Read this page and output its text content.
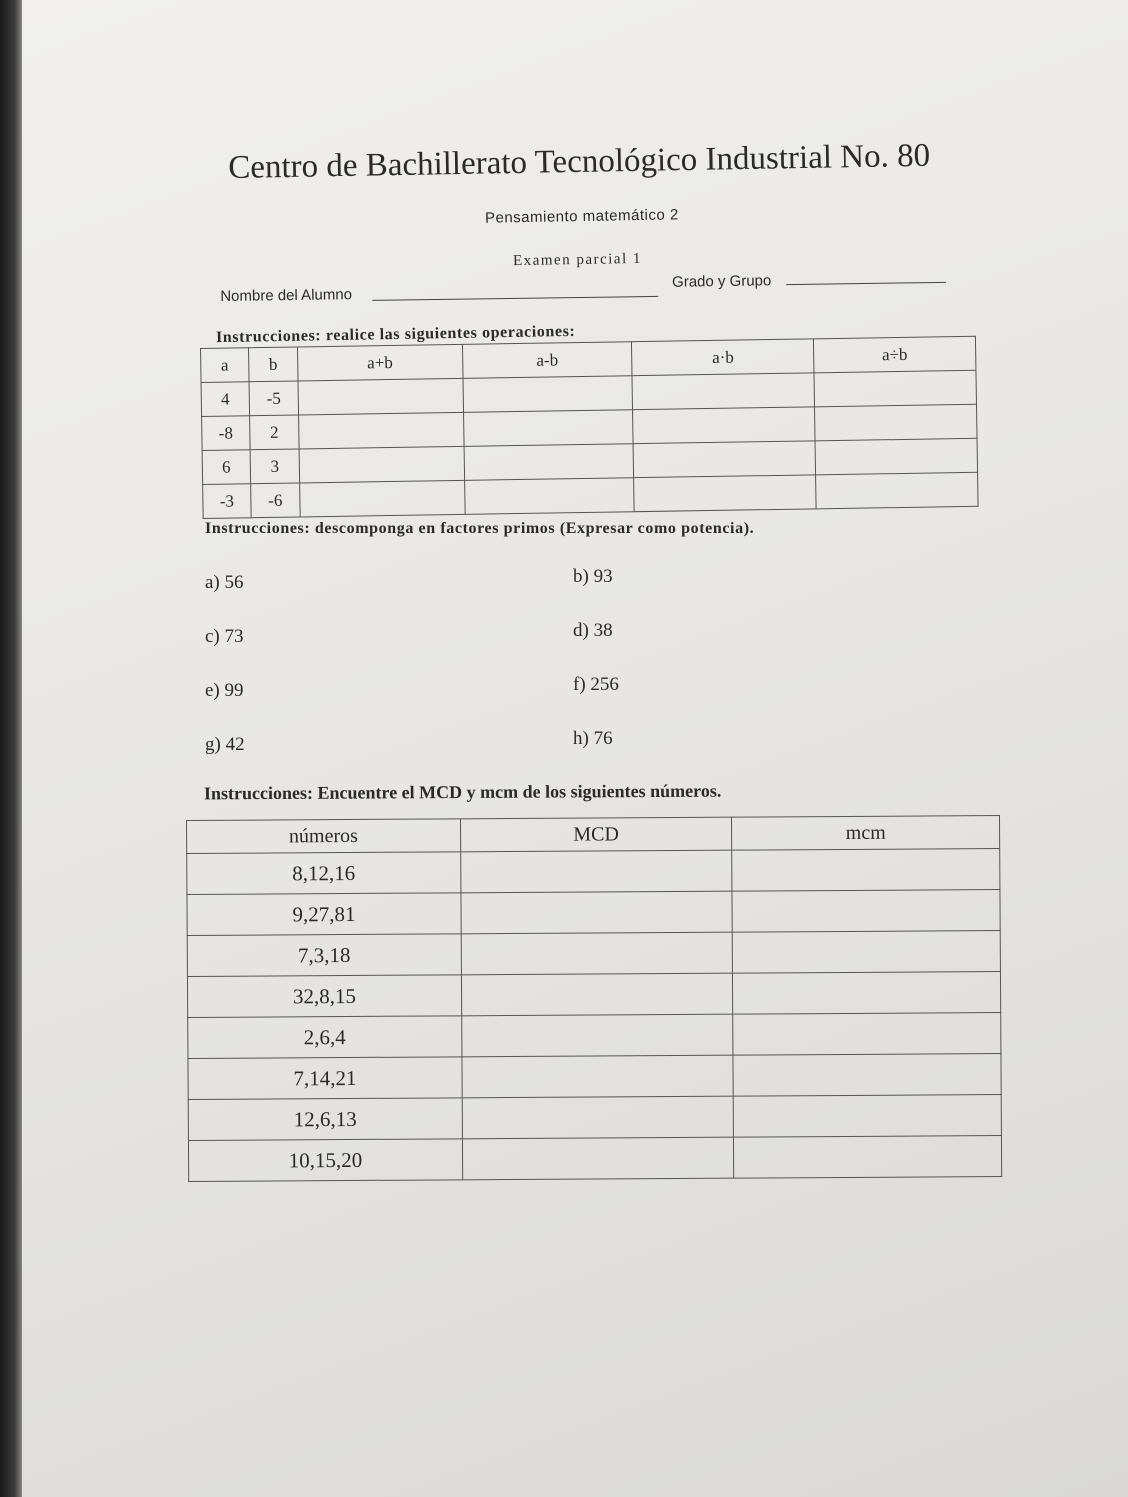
Centro de Bachillerato Tecnológico Industrial No. 80
Pensamiento matemático 2
Examen parcial 1
Nombre del Alumno
Grado y Grupo
Instrucciones: realice las siguientes operaciones:
a	b	a+b	a-b	a·b	a÷b
4	-5				
-8	2				
6	3				
-3	-6				
Instrucciones: descomponga en factores primos (Expresar como potencia).
a) 56	b) 93
c) 73	d) 38
e) 99	f) 256
g) 42	h) 76
Instrucciones: Encuentre el MCD y mcm de los siguientes números.
números	MCD	mcm
8,12,16		
9,27,81		
7,3,18		
32,8,15		
2,6,4		
7,14,21		
12,6,13		
10,15,20		
